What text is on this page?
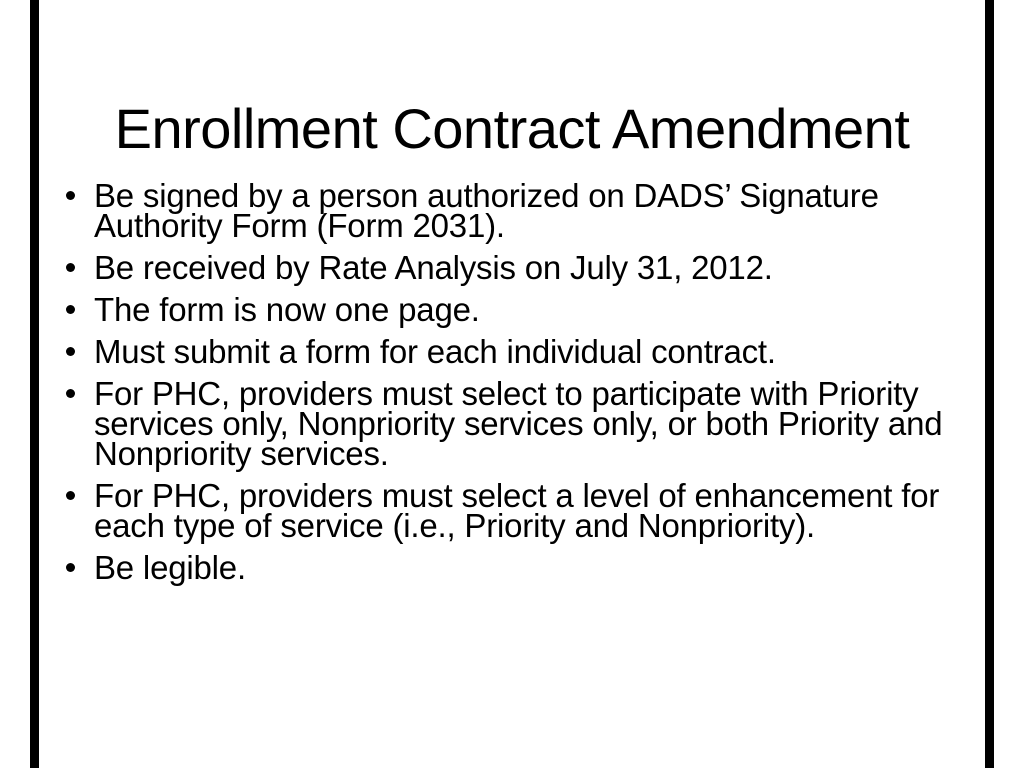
Enrollment Contract Amendment
Be signed by a person authorized on DADS’ Signature Authority Form (Form 2031).
Be received by Rate Analysis on July 31, 2012.
The form is now one page.
Must submit a form for each individual contract.
For PHC, providers must select to participate with Priority services only, Nonpriority services only, or both Priority and Nonpriority services.
For PHC, providers must select a level of enhancement for each type of service (i.e., Priority and Nonpriority).
Be legible.
